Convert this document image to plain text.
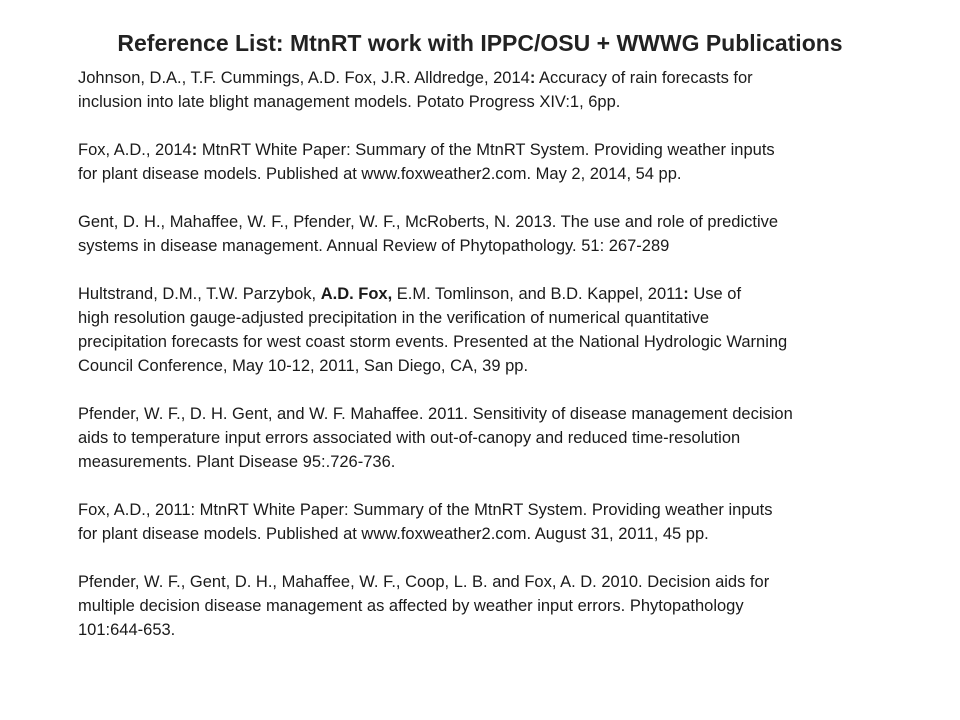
Reference List: MtnRT work with IPPC/OSU + WWWG Publications
Johnson, D.A., T.F. Cummings, A.D. Fox, J.R. Alldredge, 2014: Accuracy of rain forecasts for
inclusion into late blight management models. Potato Progress XIV:1, 6pp.
Fox, A.D., 2014: MtnRT White Paper: Summary of the MtnRT System. Providing weather inputs
for plant disease models. Published at www.foxweather2.com. May 2, 2014, 54 pp.
Gent, D. H., Mahaffee, W. F., Pfender, W. F., McRoberts, N. 2013. The use and role of predictive
systems in disease management. Annual Review of Phytopathology. 51: 267-289
Hultstrand, D.M., T.W. Parzybok, A.D. Fox, E.M. Tomlinson, and B.D. Kappel, 2011: Use of
high resolution gauge-adjusted precipitation in the verification of numerical quantitative
precipitation forecasts for west coast storm events. Presented at the National Hydrologic Warning
Council Conference, May 10-12, 2011, San Diego, CA, 39 pp.
Pfender, W. F., D. H. Gent, and W. F. Mahaffee. 2011. Sensitivity of disease management decision
aids to temperature input errors associated with out-of-canopy and reduced time-resolution
measurements. Plant Disease 95:.726-736.
Fox, A.D., 2011: MtnRT White Paper: Summary of the MtnRT System. Providing weather inputs
for plant disease models. Published at www.foxweather2.com. August 31, 2011, 45 pp.
Pfender, W. F., Gent, D. H., Mahaffee, W. F., Coop, L. B. and Fox, A. D. 2010. Decision aids for
multiple decision disease management as affected by weather input errors. Phytopathology
101:644-653.
